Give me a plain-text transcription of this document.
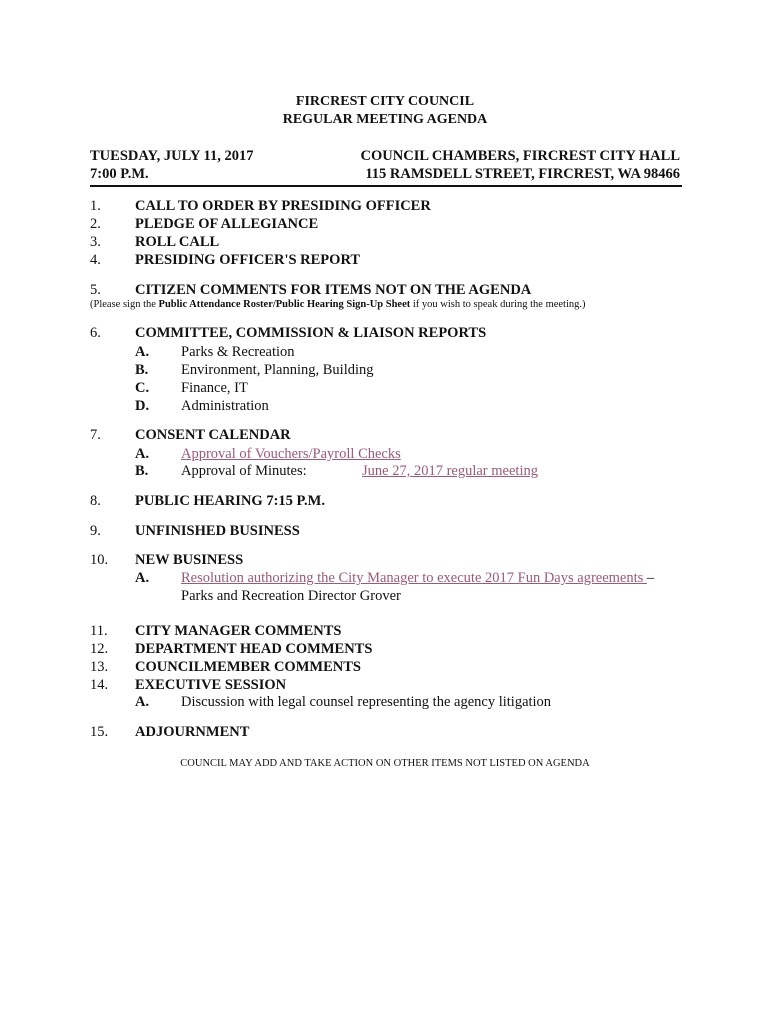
FIRCREST CITY COUNCIL
REGULAR MEETING AGENDA
TUESDAY, JULY 11, 2017
7:00 P.M.
COUNCIL CHAMBERS, FIRCREST CITY HALL
115 RAMSDELL STREET, FIRCREST, WA 98466
1. CALL TO ORDER BY PRESIDING OFFICER
2. PLEDGE OF ALLEGIANCE
3. ROLL CALL
4. PRESIDING OFFICER'S REPORT
5. CITIZEN COMMENTS FOR ITEMS NOT ON THE AGENDA
(Please sign the Public Attendance Roster/Public Hearing Sign-Up Sheet if you wish to speak during the meeting.)
6. COMMITTEE, COMMISSION & LIAISON REPORTS
A. Parks & Recreation
B. Environment, Planning, Building
C. Finance, IT
D. Administration
7. CONSENT CALENDAR
A. Approval of Vouchers/Payroll Checks
B. Approval of Minutes:	June 27, 2017 regular meeting
8. PUBLIC HEARING 7:15 P.M.
9. UNFINISHED BUSINESS
10. NEW BUSINESS
A. Resolution authorizing the City Manager to execute 2017 Fun Days agreements –
Parks and Recreation Director Grover
11. CITY MANAGER COMMENTS
12. DEPARTMENT HEAD COMMENTS
13. COUNCILMEMBER COMMENTS
14. EXECUTIVE SESSION
A. Discussion with legal counsel representing the agency litigation
15. ADJOURNMENT
COUNCIL MAY ADD AND TAKE ACTION ON OTHER ITEMS NOT LISTED ON AGENDA
